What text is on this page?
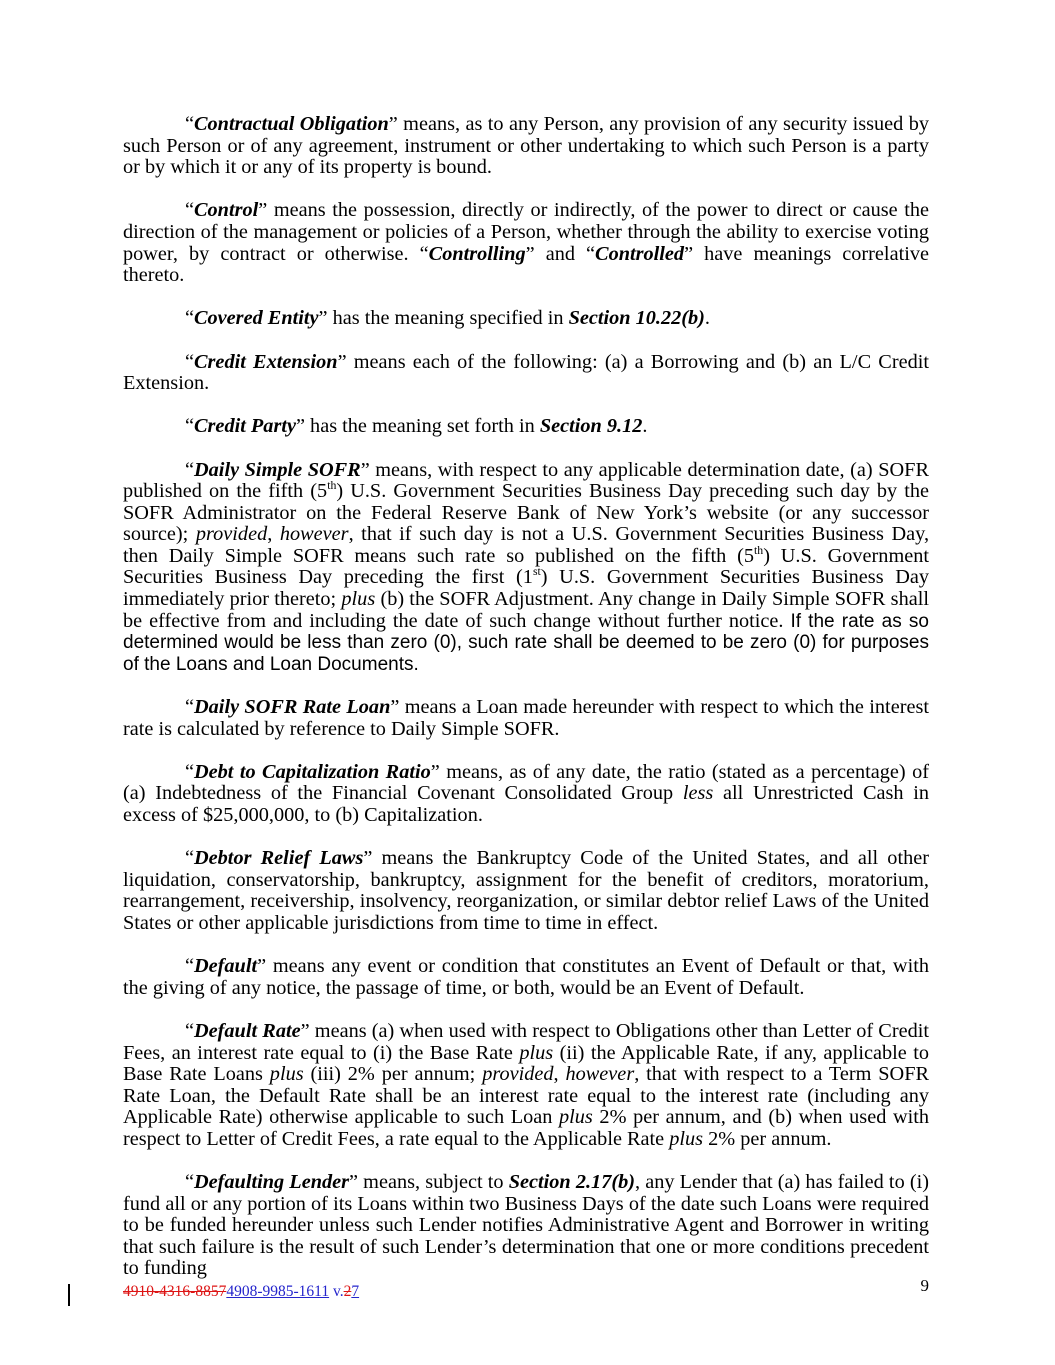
“Contractual Obligation” means, as to any Person, any provision of any security issued by such Person or of any agreement, instrument or other undertaking to which such Person is a party or by which it or any of its property is bound.

“Control” means the possession, directly or indirectly, of the power to direct or cause the direction of the management or policies of a Person, whether through the ability to exercise voting power, by contract or otherwise. “Controlling” and “Controlled” have meanings correlative thereto.

“Covered Entity” has the meaning specified in Section 10.22(b).

“Credit Extension” means each of the following: (a) a Borrowing and (b) an L/C Credit Extension.

“Credit Party” has the meaning set forth in Section 9.12.

“Daily Simple SOFR” means, with respect to any applicable determination date, (a) SOFR published on the fifth (5th) U.S. Government Securities Business Day preceding such day by the SOFR Administrator on the Federal Reserve Bank of New York’s website (or any successor source); provided, however, that if such day is not a U.S. Government Securities Business Day, then Daily Simple SOFR means such rate so published on the fifth (5th) U.S. Government Securities Business Day preceding the first (1st) U.S. Government Securities Business Day immediately prior thereto; plus (b) the SOFR Adjustment. Any change in Daily Simple SOFR shall be effective from and including the date of such change without further notice. If the rate as so determined would be less than zero (0), such rate shall be deemed to be zero (0) for purposes of the Loans and Loan Documents.

“Daily SOFR Rate Loan” means a Loan made hereunder with respect to which the interest rate is calculated by reference to Daily Simple SOFR.

“Debt to Capitalization Ratio” means, as of any date, the ratio (stated as a percentage) of (a) Indebtedness of the Financial Covenant Consolidated Group less all Unrestricted Cash in excess of $25,000,000, to (b) Capitalization.

“Debtor Relief Laws” means the Bankruptcy Code of the United States, and all other liquidation, conservatorship, bankruptcy, assignment for the benefit of creditors, moratorium, rearrangement, receivership, insolvency, reorganization, or similar debtor relief Laws of the United States or other applicable jurisdictions from time to time in effect.

“Default” means any event or condition that constitutes an Event of Default or that, with the giving of any notice, the passage of time, or both, would be an Event of Default.

“Default Rate” means (a) when used with respect to Obligations other than Letter of Credit Fees, an interest rate equal to (i) the Base Rate plus (ii) the Applicable Rate, if any, applicable to Base Rate Loans plus (iii) 2% per annum; provided, however, that with respect to a Term SOFR Rate Loan, the Default Rate shall be an interest rate equal to the interest rate (including any Applicable Rate) otherwise applicable to such Loan plus 2% per annum, and (b) when used with respect to Letter of Credit Fees, a rate equal to the Applicable Rate plus 2% per annum.

“Defaulting Lender” means, subject to Section 2.17(b), any Lender that (a) has failed to (i) fund all or any portion of its Loans within two Business Days of the date such Loans were required to be funded hereunder unless such Lender notifies Administrative Agent and Borrower in writing that such failure is the result of such Lender’s determination that one or more conditions precedent to funding

4910-4316-88574908-9985-1611 v.27	9
